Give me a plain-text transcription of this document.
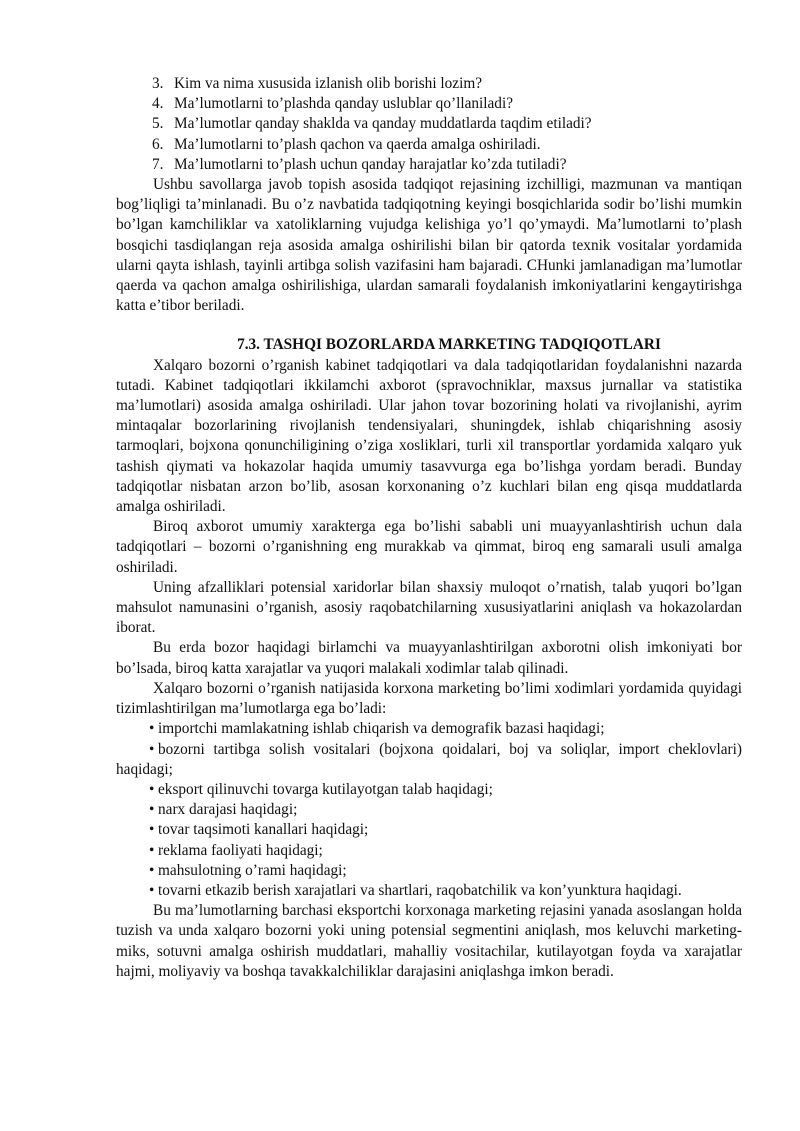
3. Kim va nima xususida izlanish olib borishi lozim?
4. Ma’lumotlarni to’plashda qanday uslublar qo’llaniladi?
5. Ma’lumotlar qanday shaklda va qanday muddatlarda taqdim etiladi?
6. Ma’lumotlarni to’plash qachon va qaerda amalga oshiriladi.
7. Ma’lumotlarni to’plash uchun qanday harajatlar ko’zda tutiladi?

Ushbu savollarga javob topish asosida tadqiqot rejasining izchilligi, mazmunan va mantiqan bog’liqligi ta’minlanadi. Bu o’z navbatida tadqiqotning keyingi bosqichlarida sodir bo’lishi mumkin bo’lgan kamchiliklar va xatoliklarning vujudga kelishiga yo’l qo’ymaydi. Ma’lumotlarni to’plash bosqichi tasdiqlangan reja asosida amalga oshirilishi bilan bir qatorda texnik vositalar yordamida ularni qayta ishlash, tayinli artibga solish vazifasini ham bajaradi. CHunki jamlanadigan ma’lumotlar qaerda va qachon amalga oshirilishiga, ulardan samarali foydalanish imkoniyatlarini kengaytirishga katta e’tibor beriladi.

7.3. TASHQI BOZORLARDA MARKETING TADQIQOTLARI

Xalqaro bozorni o’rganish kabinet tadqiqotlari va dala tadqiqotlaridan foydalanishni nazarda tutadi. Kabinet tadqiqotlari ikkilamchi axborot (spravochniklar, maxsus jurnallar va statistika ma’lumotlari) asosida amalga oshiriladi. Ular jahon tovar bozorining holati va rivojlanishi, ayrim mintaqalar bozorlarining rivojlanish tendensiyalari, shuningdek, ishlab chiqarishning asosiy tarmoqlari, bojxona qonunchiligining o’ziga xosliklari, turli xil transportlar yordamida xalqaro yuk tashish qiymati va hokazolar haqida umumiy tasavvurga ega bo’lishga yordam beradi. Bunday tadqiqotlar nisbatan arzon bo’lib, asosan korxonaning o’z kuchlari bilan eng qisqa muddatlarda amalga oshiriladi.

Biroq axborot umumiy xarakterga ega bo’lishi sababli uni muayyanlashtirish uchun dala tadqiqotlari – bozorni o’rganishning eng murakkab va qimmat, biroq eng samarali usuli amalga oshiriladi.

Uning afzalliklari potensial xaridorlar bilan shaxsiy muloqot o’rnatish, talab yuqori bo’lgan mahsulot namunasini o’rganish, asosiy raqobatchilarning xususiyatlarini aniqlash va hokazolardan iborat.

Bu erda bozor haqidagi birlamchi va muayyanlashtirilgan axborotni olish imkoniyati bor bo’lsada, biroq katta xarajatlar va yuqori malakali xodimlar talab qilinadi.

Xalqaro bozorni o’rganish natijasida korxona marketing bo’limi xodimlari yordamida quyidagi tizimlashtirilgan ma’lumotlarga ega bo’ladi:

• importchi mamlakatning ishlab chiqarish va demografik bazasi haqidagi;
• bozorni tartibga solish vositalari (bojxona qoidalari, boj va soliqlar, import cheklovlari) haqidagi;
• eksport qilinuvchi tovarga kutilayotgan talab haqidagi;
• narx darajasi haqidagi;
• tovar taqsimoti kanallari haqidagi;
• reklama faoliyati haqidagi;
• mahsulotning o’rami haqidagi;
• tovarni etkazib berish xarajatlari va shartlari, raqobatchilik va kon’yunktura haqidagi.

Bu ma’lumotlarning barchasi eksportchi korxonaga marketing rejasini yanada asoslangan holda tuzish va unda xalqaro bozorni yoki uning potensial segmentini aniqlash, mos keluvchi marketing-miks, sotuvni amalga oshirish muddatlari, mahalliy vositachilar, kutilayotgan foyda va xarajatlar hajmi, moliyaviy va boshqa tavakkalchiliklar darajasini aniqlashga imkon beradi.
